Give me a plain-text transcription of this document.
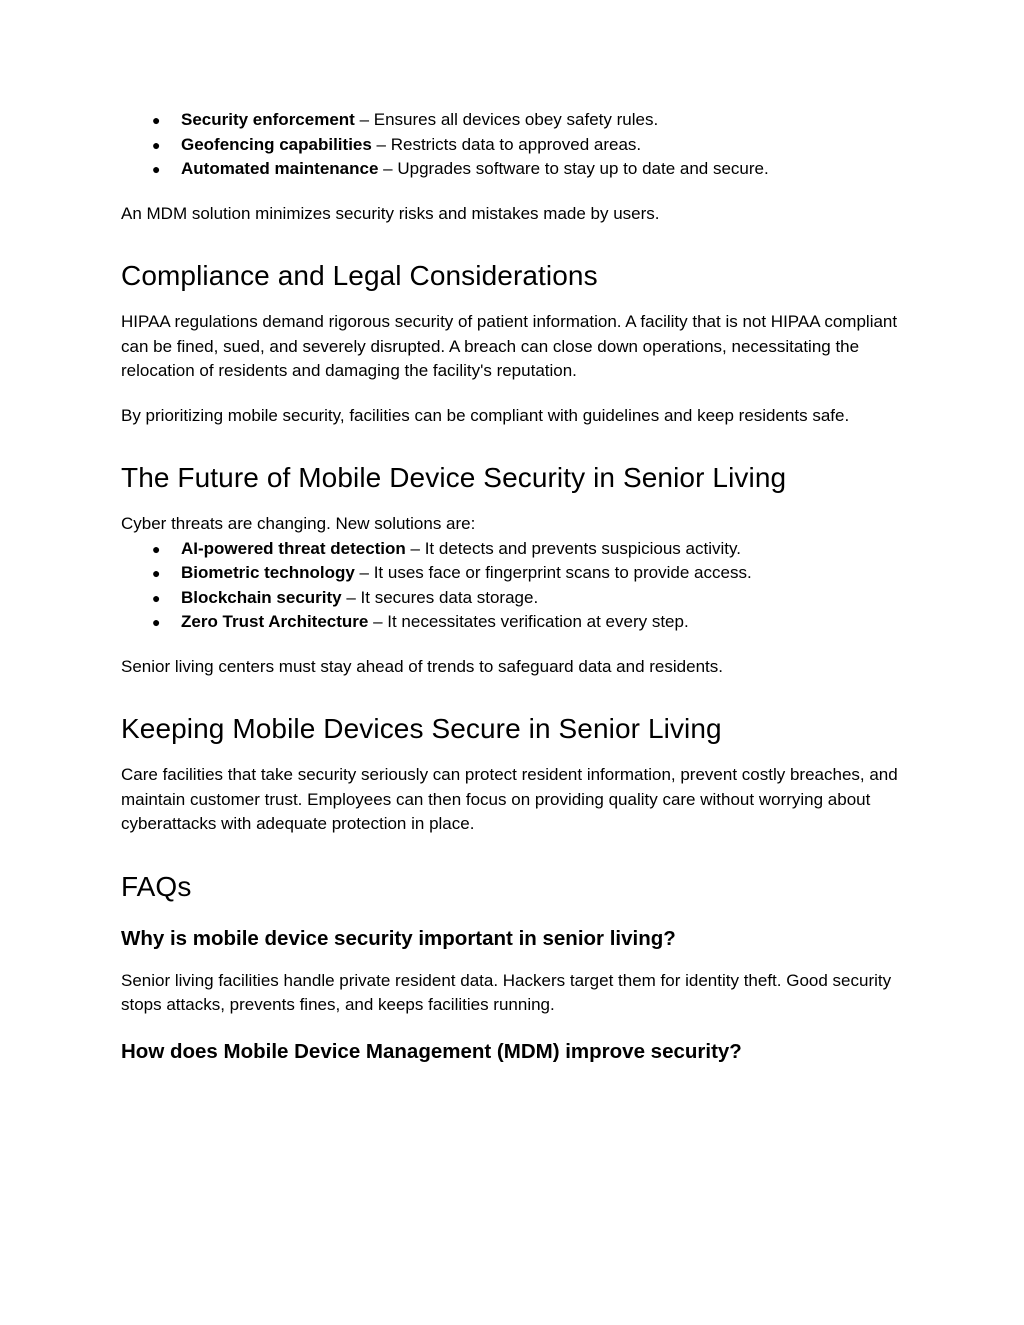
● Security enforcement – Ensures all devices obey safety rules.
● Geofencing capabilities – Restricts data to approved areas.
● Automated maintenance – Upgrades software to stay up to date and secure.

An MDM solution minimizes security risks and mistakes made by users.

Compliance and Legal Considerations

HIPAA regulations demand rigorous security of patient information. A facility that is not HIPAA compliant can be fined, sued, and severely disrupted. A breach can close down operations, necessitating the relocation of residents and damaging the facility's reputation.

By prioritizing mobile security, facilities can be compliant with guidelines and keep residents safe.

The Future of Mobile Device Security in Senior Living

Cyber threats are changing. New solutions are:

● AI-powered threat detection – It detects and prevents suspicious activity.
● Biometric technology – It uses face or fingerprint scans to provide access.
● Blockchain security – It secures data storage.
● Zero Trust Architecture – It necessitates verification at every step.

Senior living centers must stay ahead of trends to safeguard data and residents.

Keeping Mobile Devices Secure in Senior Living

Care facilities that take security seriously can protect resident information, prevent costly breaches, and maintain customer trust. Employees can then focus on providing quality care without worrying about cyberattacks with adequate protection in place.

FAQs
Why is mobile device security important in senior living?

Senior living facilities handle private resident data. Hackers target them for identity theft. Good security stops attacks, prevents fines, and keeps facilities running.

How does Mobile Device Management (MDM) improve security?
